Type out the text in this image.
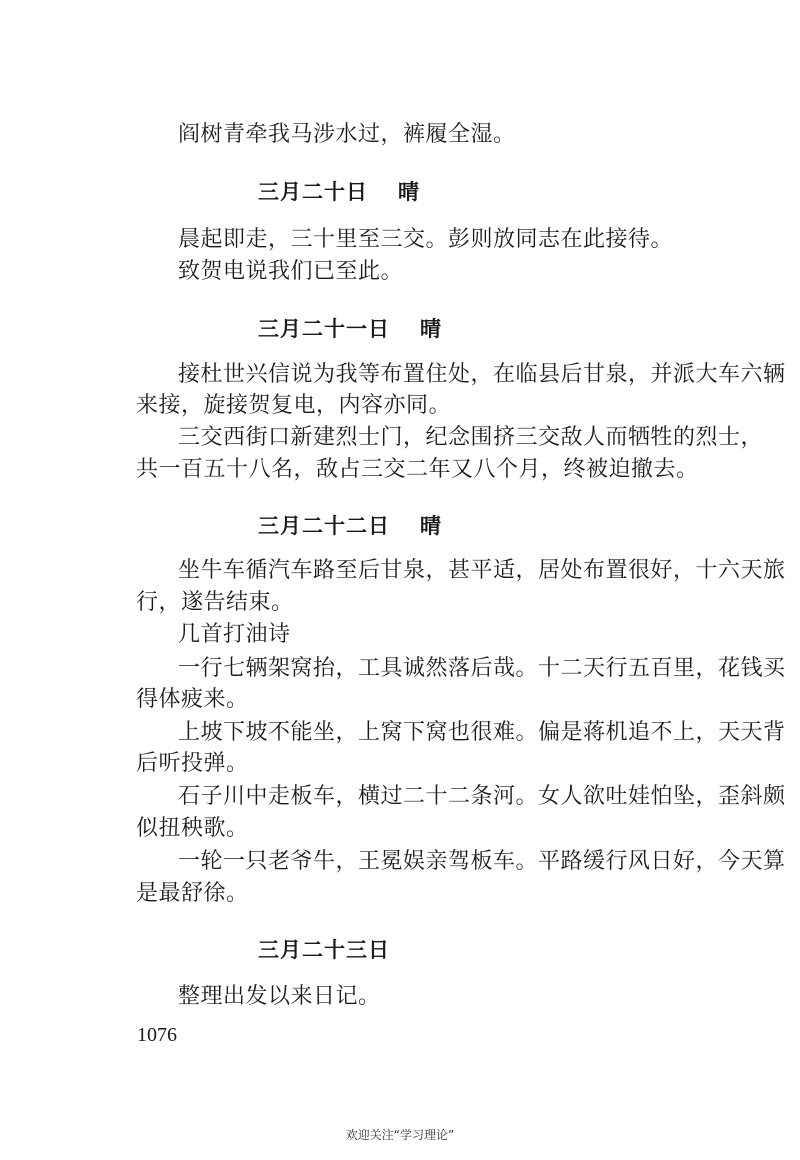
阎树青牵我马涉水过，裤履全湿。

三月二十日 晴

晨起即走，三十里至三交。彭则放同志在此接待。

致贺电说我们已至此。

三月二十一日 晴

接杜世兴信说为我等布置住处，在临县后甘泉，并派大车六辆

来接，旋接贺复电，内容亦同。

三交西街口新建烈士门，纪念围挤三交敌人而牺牲的烈士，

共一百五十八名，敌占三交二年又八个月，终被迫撤去。

三月二十二日 晴

坐牛车循汽车路至后甘泉，甚平适，居处布置很好，十六天旅

行，遂告结束。

几首打油诗

一行七辆架窝抬，工具诚然落后哉。十二天行五百里，花钱买

得体疲来。

上坡下坡不能坐，上窝下窝也很难。偏是蒋机追不上，天天背

后听投弹。

石子川中走板车，横过二十二条河。女人欲吐娃怕坠，歪斜颇

似扭秧歌。

一轮一只老爷牛，王冕娱亲驾板车。平路缓行风日好，今天算

是最舒徐。

三月二十三日

整理出发以来日记。

1076
欢迎关注“学习理论”
